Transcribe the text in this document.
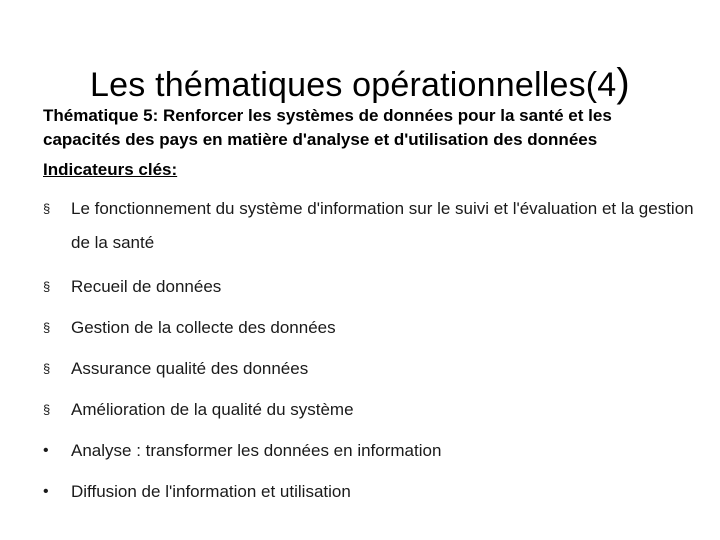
Les thématiques opérationnelles(4)
Thématique 5: Renforcer les systèmes de données pour la santé et les capacités des pays en matière d'analyse et d'utilisation des données
Indicateurs clés:
§	Le fonctionnement du système d'information sur le suivi et l'évaluation et la gestion de la santé
§	Recueil de données
§	Gestion de la collecte des données
§	Assurance qualité des données
§	Amélioration de la qualité du système
•	Analyse : transformer les données en information
•	Diffusion de l'information et utilisation
